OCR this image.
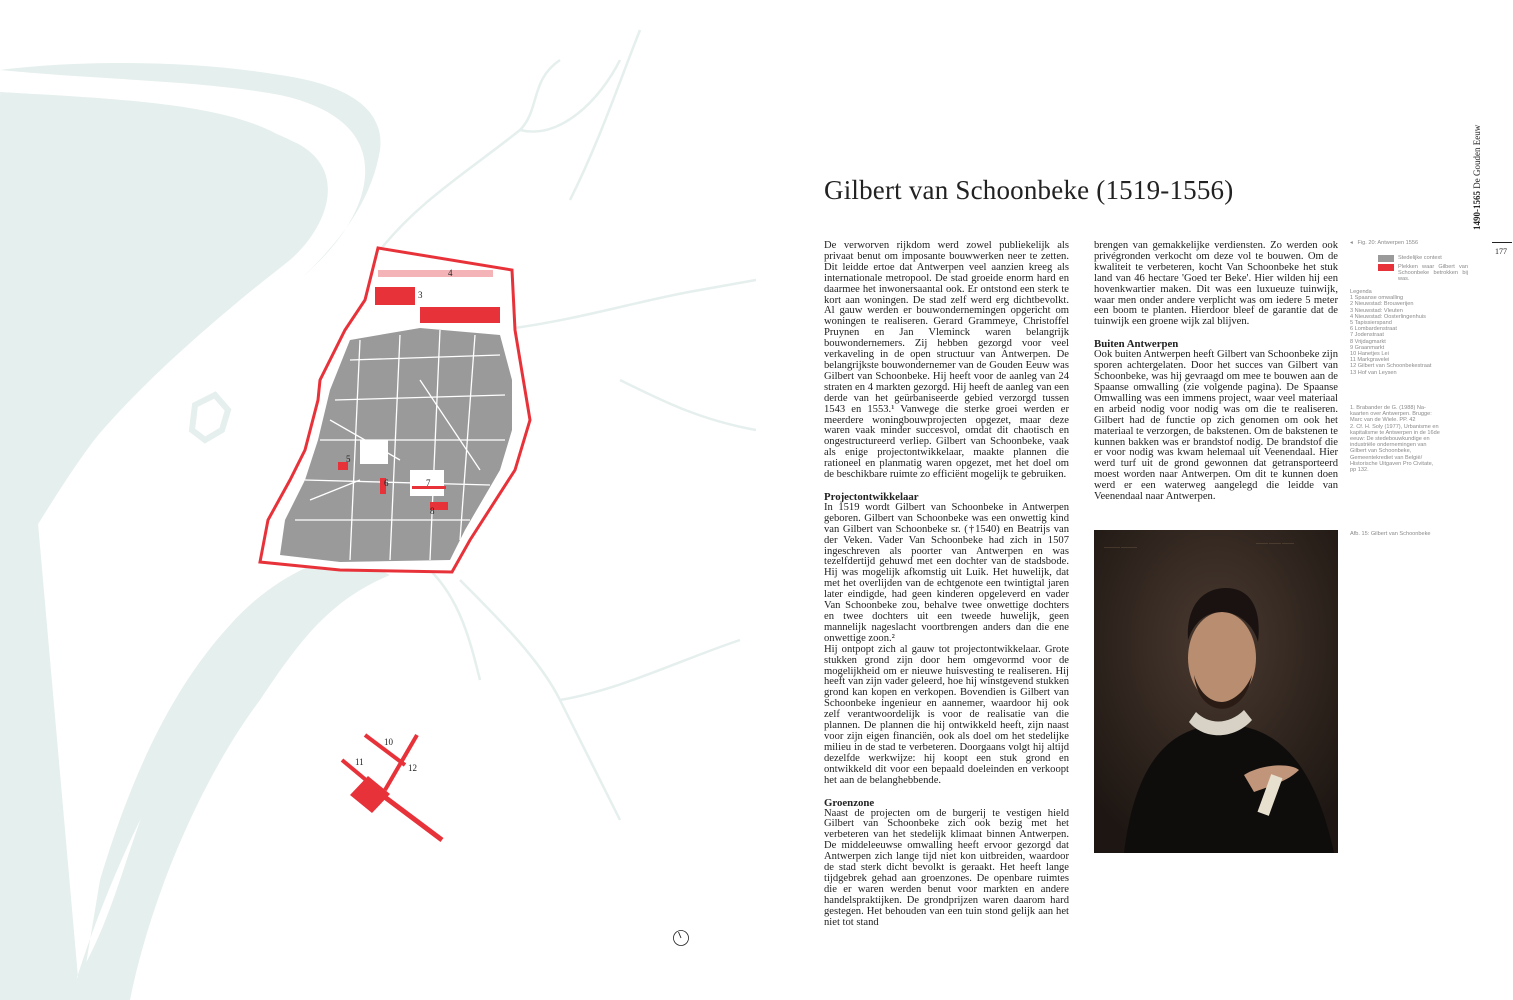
3
4
5
6	7
8
10
11
12
Gilbert van Schoonbeke (1519-1556)

De verworven rijkdom werd zowel publiekelijk als privaat benut om imposante bouwwerken neer te zetten. Dit leidde ertoe dat Antwerpen veel aanzien kreeg als internationale metropool. De stad groeide enorm hard en daarmee het inwonersaantal ook. Er ontstond een sterk te kort aan woningen. De stad zelf werd erg dichtbevolkt. Al gauw werden er bouwondernemingen opgericht om woningen te realiseren. Gerard Grammeye, Christoffel Pruynen en Jan Vleminck waren belangrijk bouwondernemers. Zij hebben gezorgd voor veel verkaveling in de open structuur van Antwerpen. De belangrijkste bouwondernemer van de Gouden Eeuw was Gilbert van Schoonbeke. Hij heeft voor de aanleg van 24 straten en 4 markten gezorgd. Hij heeft de aanleg van een derde van het geürbaniseerde gebied verzorgd tussen 1543 en 1553.¹ Vanwege die sterke groei werden er meerdere woningbouwprojecten opgezet, maar deze waren vaak minder succesvol, omdat dit chaotisch en ongestructureerd verliep. Gilbert van Schoonbeke, vaak als enige projectontwikkelaar, maakte plannen die rationeel en planmatig waren opgezet, met het doel om de beschikbare ruimte zo efficiënt mogelijk te gebruiken.

Projectontwikkelaar

In 1519 wordt Gilbert van Schoonbeke in Antwerpen geboren. Gilbert van Schoonbeke was een onwettig kind van Gilbert van Schoonbeke sr. (†1540) en Beatrijs van der Veken. Vader Van Schoonbeke had zich in 1507 ingeschreven als poorter van Antwerpen en was tezelfdertijd gehuwd met een dochter van de stadsbode. Hij was mogelijk afkomstig uit Luik. Het huwelijk, dat met het overlijden van de echtgenote een twintigtal jaren later eindigde, had geen kinderen opgeleverd en vader Van Schoonbeke zou, behalve twee onwettige dochters en twee dochters uit een tweede huwelijk, geen mannelijk nageslacht voortbrengen anders dan die ene onwettige zoon.²

Hij ontpopt zich al gauw tot projectontwikkelaar. Grote stukken grond zijn door hem omgevormd voor de mogelijkheid om er nieuwe huisvesting te realiseren. Hij heeft van zijn vader geleerd, hoe hij winstgevend stukken grond kan kopen en verkopen. Bovendien is Gilbert van Schoonbeke ingenieur en aannemer, waardoor hij ook zelf verantwoordelijk is voor de realisatie van die plannen. De plannen die hij ontwikkeld heeft, zijn naast voor zijn eigen financiën, ook als doel om het stedelijke milieu in de stad te verbeteren. Doorgaans volgt hij altijd dezelfde werkwijze: hij koopt een stuk grond en ontwikkeld dit voor een bepaald doeleinden en verkoopt het aan de belanghebbende.

Groenzone

Naast de projecten om de burgerij te vestigen hield Gilbert van Schoonbeke zich ook bezig met het verbeteren van het stedelijk klimaat binnen Antwerpen. De middeleeuwse omwalling heeft ervoor gezorgd dat Antwerpen zich lange tijd niet kon uitbreiden, waardoor de stad sterk dicht bevolkt is geraakt. Het heeft lange tijdgebrek gehad aan groenzones. De openbare ruimtes die er waren werden benut voor markten en andere handelspraktijken. De grondprijzen waren daarom hard gestegen. Het behouden van een tuin stond gelijk aan het niet tot stand

brengen van gemakkelijke verdiensten. Zo werden ook privégronden verkocht om deze vol te bouwen. Om de kwaliteit te verbeteren, kocht Van Schoonbeke het stuk land van 46 hectare 'Goed ter Beke'. Hier wilden hij een hovenkwartier maken. Dit was een luxueuze tuinwijk, waar men onder andere verplicht was om iedere 5 meter een boom te planten. Hierdoor bleef de garantie dat de tuinwijk een groene wijk zal blijven.

Buiten Antwerpen

Ook buiten Antwerpen heeft Gilbert van Schoonbeke zijn sporen achtergelaten. Door het succes van Gilbert van Schoonbeke, was hij gevraagd om mee te bouwen aan de Spaanse omwalling (zie volgende pagina). De Spaanse Omwalling was een immens project, waar veel materiaal en arbeid nodig voor nodig was om die te realiseren. Gilbert had de functie op zich genomen om ook het materiaal te verzorgen, de bakstenen. Om de bakstenen te kunnen bakken was er brandstof nodig. De brandstof die er voor nodig was kwam helemaal uit Veenendaal. Hier werd turf uit de grond gewonnen dat getransporteerd moest worden naar Antwerpen. Om dit te kunnen doen werd er een waterweg aangelegd die leidde van Veenendaal naar Antwerpen.

———— ————
——— ——— ———
◂ Fig. 20: Antwerpen 1556
Stedelijke context
Plekken waar Gilbert van Schoonbeke betrokken bij was.
Legenda
1 Spaanse omwalling
2 Nieuwstad: Brouwerijen
3 Nieuwstad: Vleuten
4 Nieuwstad: Oosterlingenhuis
5 Tapissierspand
6 Lombardenstraat
7 Jodenstraat
8 Vrijdagmarkt
9 Graanmarkt
10 Hanetjes Lei
11 Markgravelei
12 Gilbert van Schoonbekestraat
13 Hof van Leysen
1. Brabander de G. (1988) Na-kaarten over Antwerpen. Brugge: Marc van de Wiele. PP. 42
2. Cf. H. Soly (1977), Urbanisme en kapitalisme te Antwerpen in de 16de eeuw: De stedebouwkundige en industriële ondernemingen van Gilbert van Schoonbeke, Gemeentekrediet van België/ Historische Uitgaven Pro Civitate, pp 132.
Afb. 15: Gilbert van Schoonbeke
1490-1565 De Gouden Eeuw
177
